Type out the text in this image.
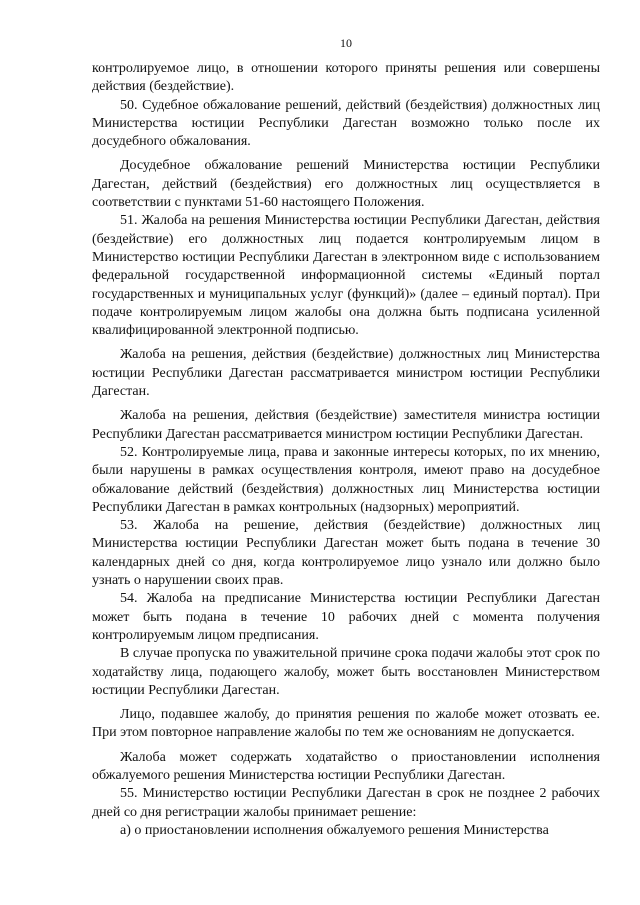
10

контролируемое лицо, в отношении которого приняты решения или совершены действия (бездействие).

50. Судебное обжалование решений, действий (бездействия) должностных лиц Министерства юстиции Республики Дагестан возможно только после их досудебного обжалования.

Досудебное обжалование решений Министерства юстиции Республики Дагестан, действий (бездействия) его должностных лиц осуществляется в соответствии с пунктами 51-60 настоящего Положения.

51. Жалоба на решения Министерства юстиции Республики Дагестан, действия (бездействие) его должностных лиц подается контролируемым лицом в Министерство юстиции Республики Дагестан в электронном виде с использованием федеральной государственной информационной системы «Единый портал государственных и муниципальных услуг (функций)» (далее – единый портал). При подаче контролируемым лицом жалобы она должна быть подписана усиленной квалифицированной электронной подписью.

Жалоба на решения, действия (бездействие) должностных лиц Министерства юстиции Республики Дагестан рассматривается министром юстиции Республики Дагестан.

Жалоба на решения, действия (бездействие) заместителя министра юстиции Республики Дагестан рассматривается министром юстиции Республики Дагестан.

52. Контролируемые лица, права и законные интересы которых, по их мнению, были нарушены в рамках осуществления контроля, имеют право на досудебное обжалование действий (бездействия) должностных лиц Министерства юстиции Республики Дагестан в рамках контрольных (надзорных) мероприятий.

53. Жалоба на решение, действия (бездействие) должностных лиц Министерства юстиции Республики Дагестан может быть подана в течение 30 календарных дней со дня, когда контролируемое лицо узнало или должно было узнать о нарушении своих прав.

54. Жалоба на предписание Министерства юстиции Республики Дагестан может быть подана в течение 10 рабочих дней с момента получения контролируемым лицом предписания.

В случае пропуска по уважительной причине срока подачи жалобы этот срок по ходатайству лица, подающего жалобу, может быть восстановлен Министерством юстиции Республики Дагестан.

Лицо, подавшее жалобу, до принятия решения по жалобе может отозвать ее. При этом повторное направление жалобы по тем же основаниям не допускается.

Жалоба может содержать ходатайство о приостановлении исполнения обжалуемого решения Министерства юстиции Республики Дагестан.

55. Министерство юстиции Республики Дагестан в срок не позднее 2 рабочих дней со дня регистрации жалобы принимает решение:

а) о приостановлении исполнения обжалуемого решения Министерства
